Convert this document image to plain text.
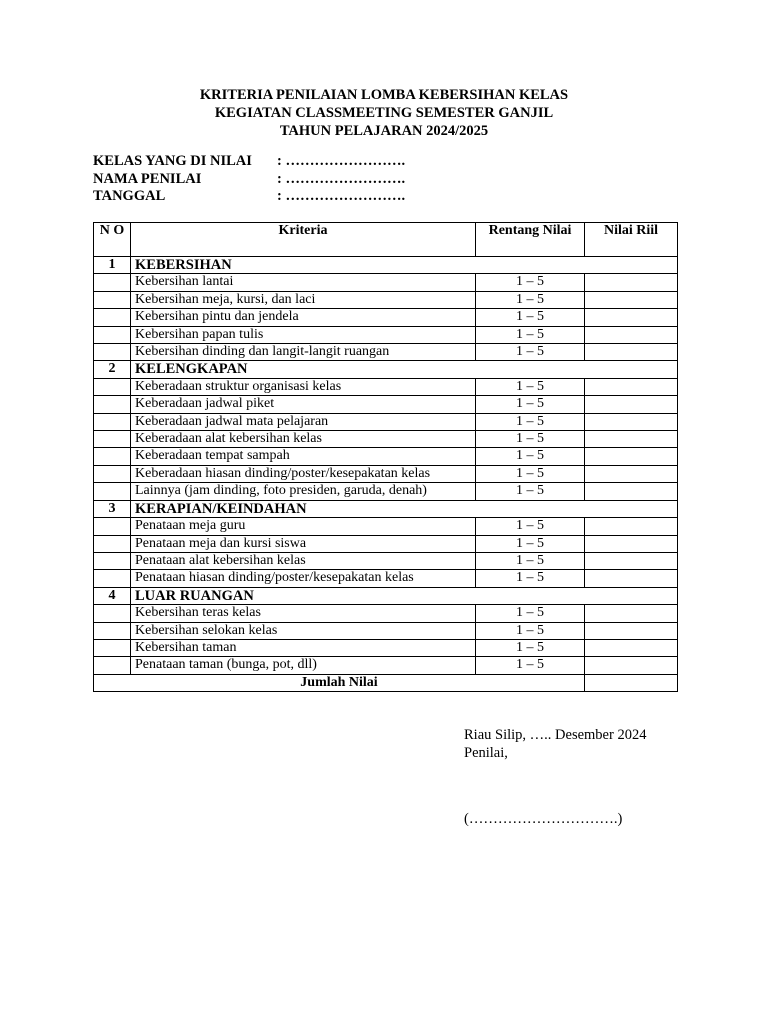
KRITERIA PENILAIAN LOMBA KEBERSIHAN KELAS
KEGIATAN CLASSMEETING SEMESTER GANJIL
TAHUN PELAJARAN 2024/2025
KELAS YANG DI NILAI	: …………………….
NAMA PENILAI	: …………………….
TANGGAL	: …………………….
N O	Kriteria	Rentang Nilai	Nilai Riil
1	KEBERSIHAN		
	Kebersihan lantai	1 – 5	
	Kebersihan meja, kursi, dan laci	1 – 5	
	Kebersihan pintu dan jendela	1 – 5	
	Kebersihan papan tulis	1 – 5	
	Kebersihan dinding dan langit-langit ruangan	1 – 5	
2	KELENGKAPAN		
	Keberadaan struktur organisasi kelas	1 – 5	
	Keberadaan jadwal piket	1 – 5	
	Keberadaan jadwal mata pelajaran	1 – 5	
	Keberadaan alat kebersihan kelas	1 – 5	
	Keberadaan tempat sampah	1 – 5	
	Keberadaan hiasan dinding/poster/kesepakatan kelas	1 – 5	
	Lainnya (jam dinding, foto presiden, garuda, denah)	1 – 5	
3	KERAPIAN/KEINDAHAN		
	Penataan meja guru	1 – 5	
	Penataan meja dan kursi siswa	1 – 5	
	Penataan alat kebersihan kelas	1 – 5	
	Penataan hiasan dinding/poster/kesepakatan kelas	1 – 5	
4	LUAR RUANGAN		
	Kebersihan teras kelas	1 – 5	
	Kebersihan selokan kelas	1 – 5	
	Kebersihan taman	1 – 5	
	Penataan taman (bunga, pot, dll)	1 – 5	
Jumlah Nilai			
Riau Silip, ….. Desember 2024
Penilai,
(………………………….)
